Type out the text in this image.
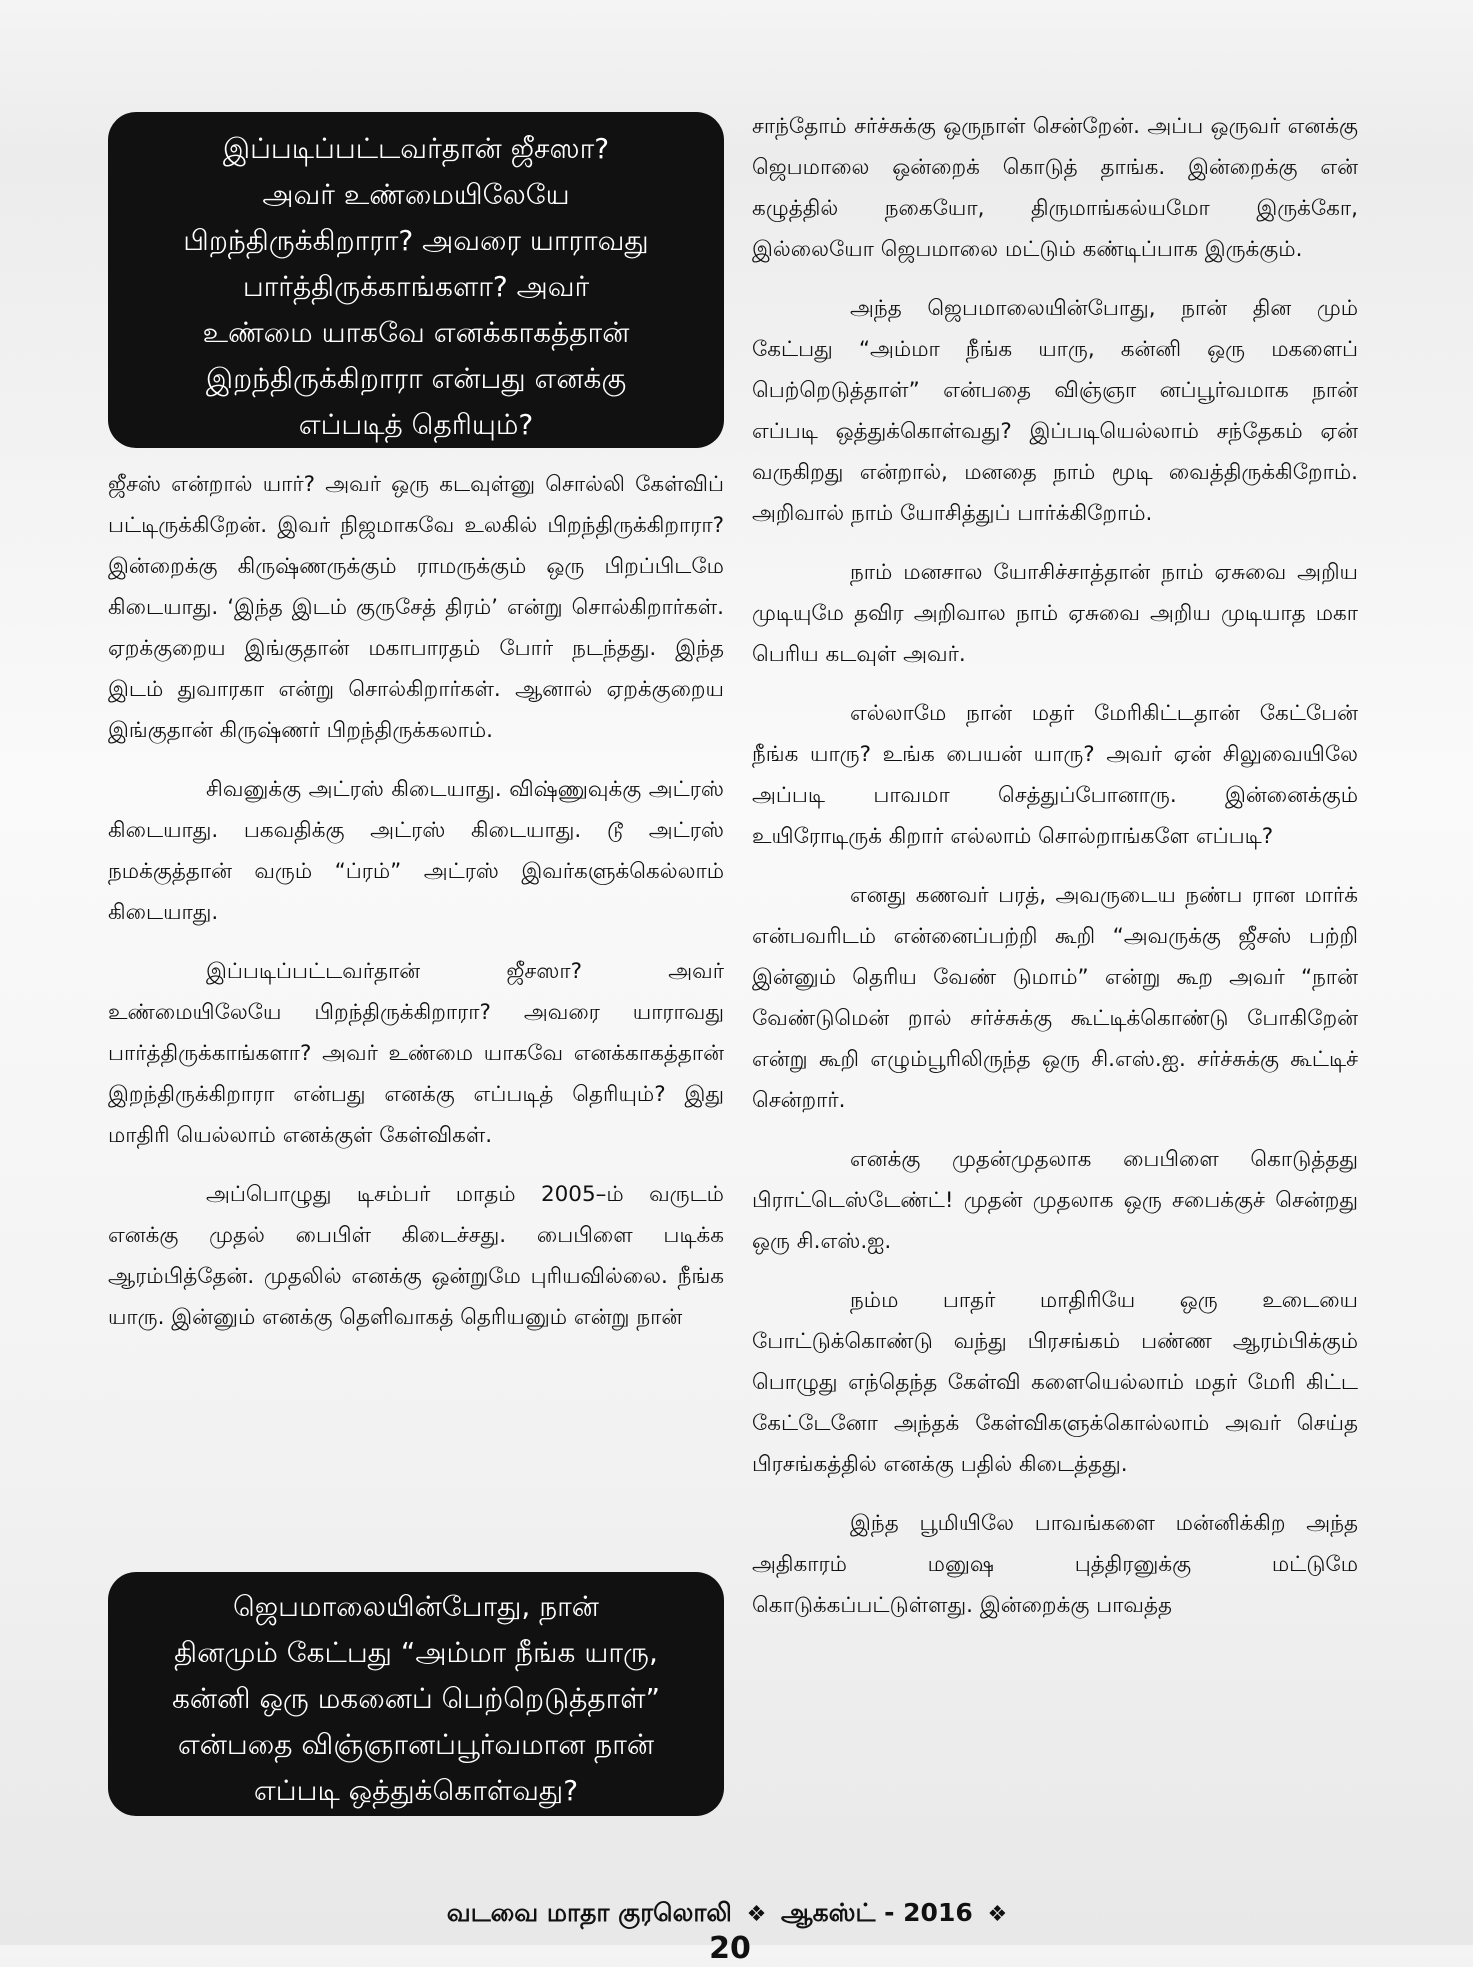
இப்படிப்பட்டவர்தான் ஜீசஸா?
அவர் உண்மையிலேயே
பிறந்திருக்கிறாரா? அவரை யாராவது
பார்த்திருக்காங்களா? அவர்
உண்மை யாகவே எனக்காகத்தான்
இறந்திருக்கிறாரா என்பது எனக்கு
எப்படித் தெரியும்?

ஜீசஸ் என்றால் யார்? அவர் ஒரு கடவுள்னு சொல்லி கேள்விப் பட்டிருக்கிறேன். இவர் நிஜமாகவே உலகில் பிறந்திருக்கிறாரா? இன்றைக்கு கிருஷ்ணருக்கும் ராமருக்கும் ஒரு பிறப்பிடமே கிடையாது. ‘இந்த இடம் குருசேத் திரம்’ என்று சொல்கிறார்கள். ஏறக்குறைய இங்குதான் மகாபாரதம் போர் நடந்தது. இந்த இடம் துவாரகா என்று சொல்கிறார்கள். ஆனால் ஏறக்குறைய இங்குதான் கிருஷ்ணர் பிறந்திருக்கலாம்.

சிவனுக்கு அட்ரஸ் கிடையாது. விஷ்ணுவுக்கு அட்ரஸ் கிடையாது. பகவதிக்கு அட்ரஸ் கிடையாது. டூ அட்ரஸ் நமக்குத்தான் வரும் “ப்ரம்” அட்ரஸ் இவர்களுக்கெல்லாம் கிடையாது.

இப்படிப்பட்டவர்தான் ஜீசஸா? அவர் உண்மையிலேயே பிறந்திருக்கிறாரா? அவரை யாராவது பார்த்திருக்காங்களா? அவர் உண்மை யாகவே எனக்காகத்தான் இறந்திருக்கிறாரா என்பது எனக்கு எப்படித் தெரியும்? இது மாதிரி யெல்லாம் எனக்குள் கேள்விகள்.

அப்பொழுது டிசம்பர் மாதம் 2005–ம் வருடம் எனக்கு முதல் பைபிள் கிடைச்சது. பைபிளை படிக்க ஆரம்பித்தேன். முதலில் எனக்கு ஒன்றுமே புரியவில்லை. நீங்க யாரு. இன்னும் எனக்கு தெளிவாகத் தெரியனும் என்று நான்

ஜெபமாலையின்போது, நான்
தினமும் கேட்பது “அம்மா நீங்க யாரு,
கன்னி ஒரு மகனைப் பெற்றெடுத்தாள்”
என்பதை விஞ்ஞானப்பூர்வமான நான்
எப்படி ஒத்துக்கொள்வது?

சாந்தோம் சர்ச்சுக்கு ஒருநாள் சென்றேன். அப்ப ஒருவர் எனக்கு ஜெபமாலை ஒன்றைக் கொடுத் தாங்க. இன்றைக்கு என் கழுத்தில் நகையோ, திருமாங்கல்யமோ இருக்கோ, இல்லையோ ஜெபமாலை மட்டும் கண்டிப்பாக இருக்கும்.

அந்த ஜெபமாலையின்போது, நான் தின மும் கேட்பது “அம்மா நீங்க யாரு, கன்னி ஒரு மகளைப் பெற்றெடுத்தாள்” என்பதை விஞ்ஞா னப்பூர்வமாக நான் எப்படி ஒத்துக்கொள்வது? இப்படியெல்லாம் சந்தேகம் ஏன் வருகிறது என்றால், மனதை நாம் மூடி வைத்திருக்கிறோம். அறிவால் நாம் யோசித்துப் பார்க்கிறோம்.

நாம் மனசால யோசிச்சாத்தான் நாம் ஏசுவை அறிய முடியுமே தவிர அறிவால நாம் ஏசுவை அறிய முடியாத மகா பெரிய கடவுள் அவர்.

எல்லாமே நான் மதர் மேரிகிட்டதான் கேட்பேன் நீங்க யாரு? உங்க பையன் யாரு? அவர் ஏன் சிலுவையிலே அப்படி பாவமா செத்துப்போனாரு. இன்னைக்கும் உயிரோடிருக் கிறார் எல்லாம் சொல்றாங்களே எப்படி?

எனது கணவர் பரத், அவருடைய நண்ப ரான மார்க் என்பவரிடம் என்னைப்பற்றி கூறி “அவருக்கு ஜீசஸ் பற்றி இன்னும் தெரிய வேண் டுமாம்” என்று கூற அவர் “நான் வேண்டுமென் றால் சர்ச்சுக்கு கூட்டிக்கொண்டு போகிறேன் என்று கூறி எழும்பூரிலிருந்த ஒரு சி.எஸ்.ஐ. சர்ச்சுக்கு கூட்டிச் சென்றார்.

எனக்கு முதன்முதலாக பைபிளை கொடுத்தது பிராட்டெஸ்டேண்ட்! முதன் முதலாக ஒரு சபைக்குச் சென்றது ஒரு சி.எஸ்.ஐ.

நம்ம பாதர் மாதிரியே ஒரு உடையை போட்டுக்கொண்டு வந்து பிரசங்கம் பண்ண ஆரம்பிக்கும் பொழுது எந்தெந்த கேள்வி களையெல்லாம் மதர் மேரி கிட்ட கேட்டேனோ அந்தக் கேள்விகளுக்கொல்லாம் அவர் செய்த பிரசங்கத்தில் எனக்கு பதில் கிடைத்தது.

இந்த பூமியிலே பாவங்களை மன்னிக்கிற அந்த அதிகாரம் மனுஷ புத்திரனுக்கு மட்டுமே கொடுக்கப்பட்டுள்ளது. இன்றைக்கு பாவத்த

வடவை மாதா குரலொலி ❖ ஆகஸ்ட் - 2016 ❖ 20
